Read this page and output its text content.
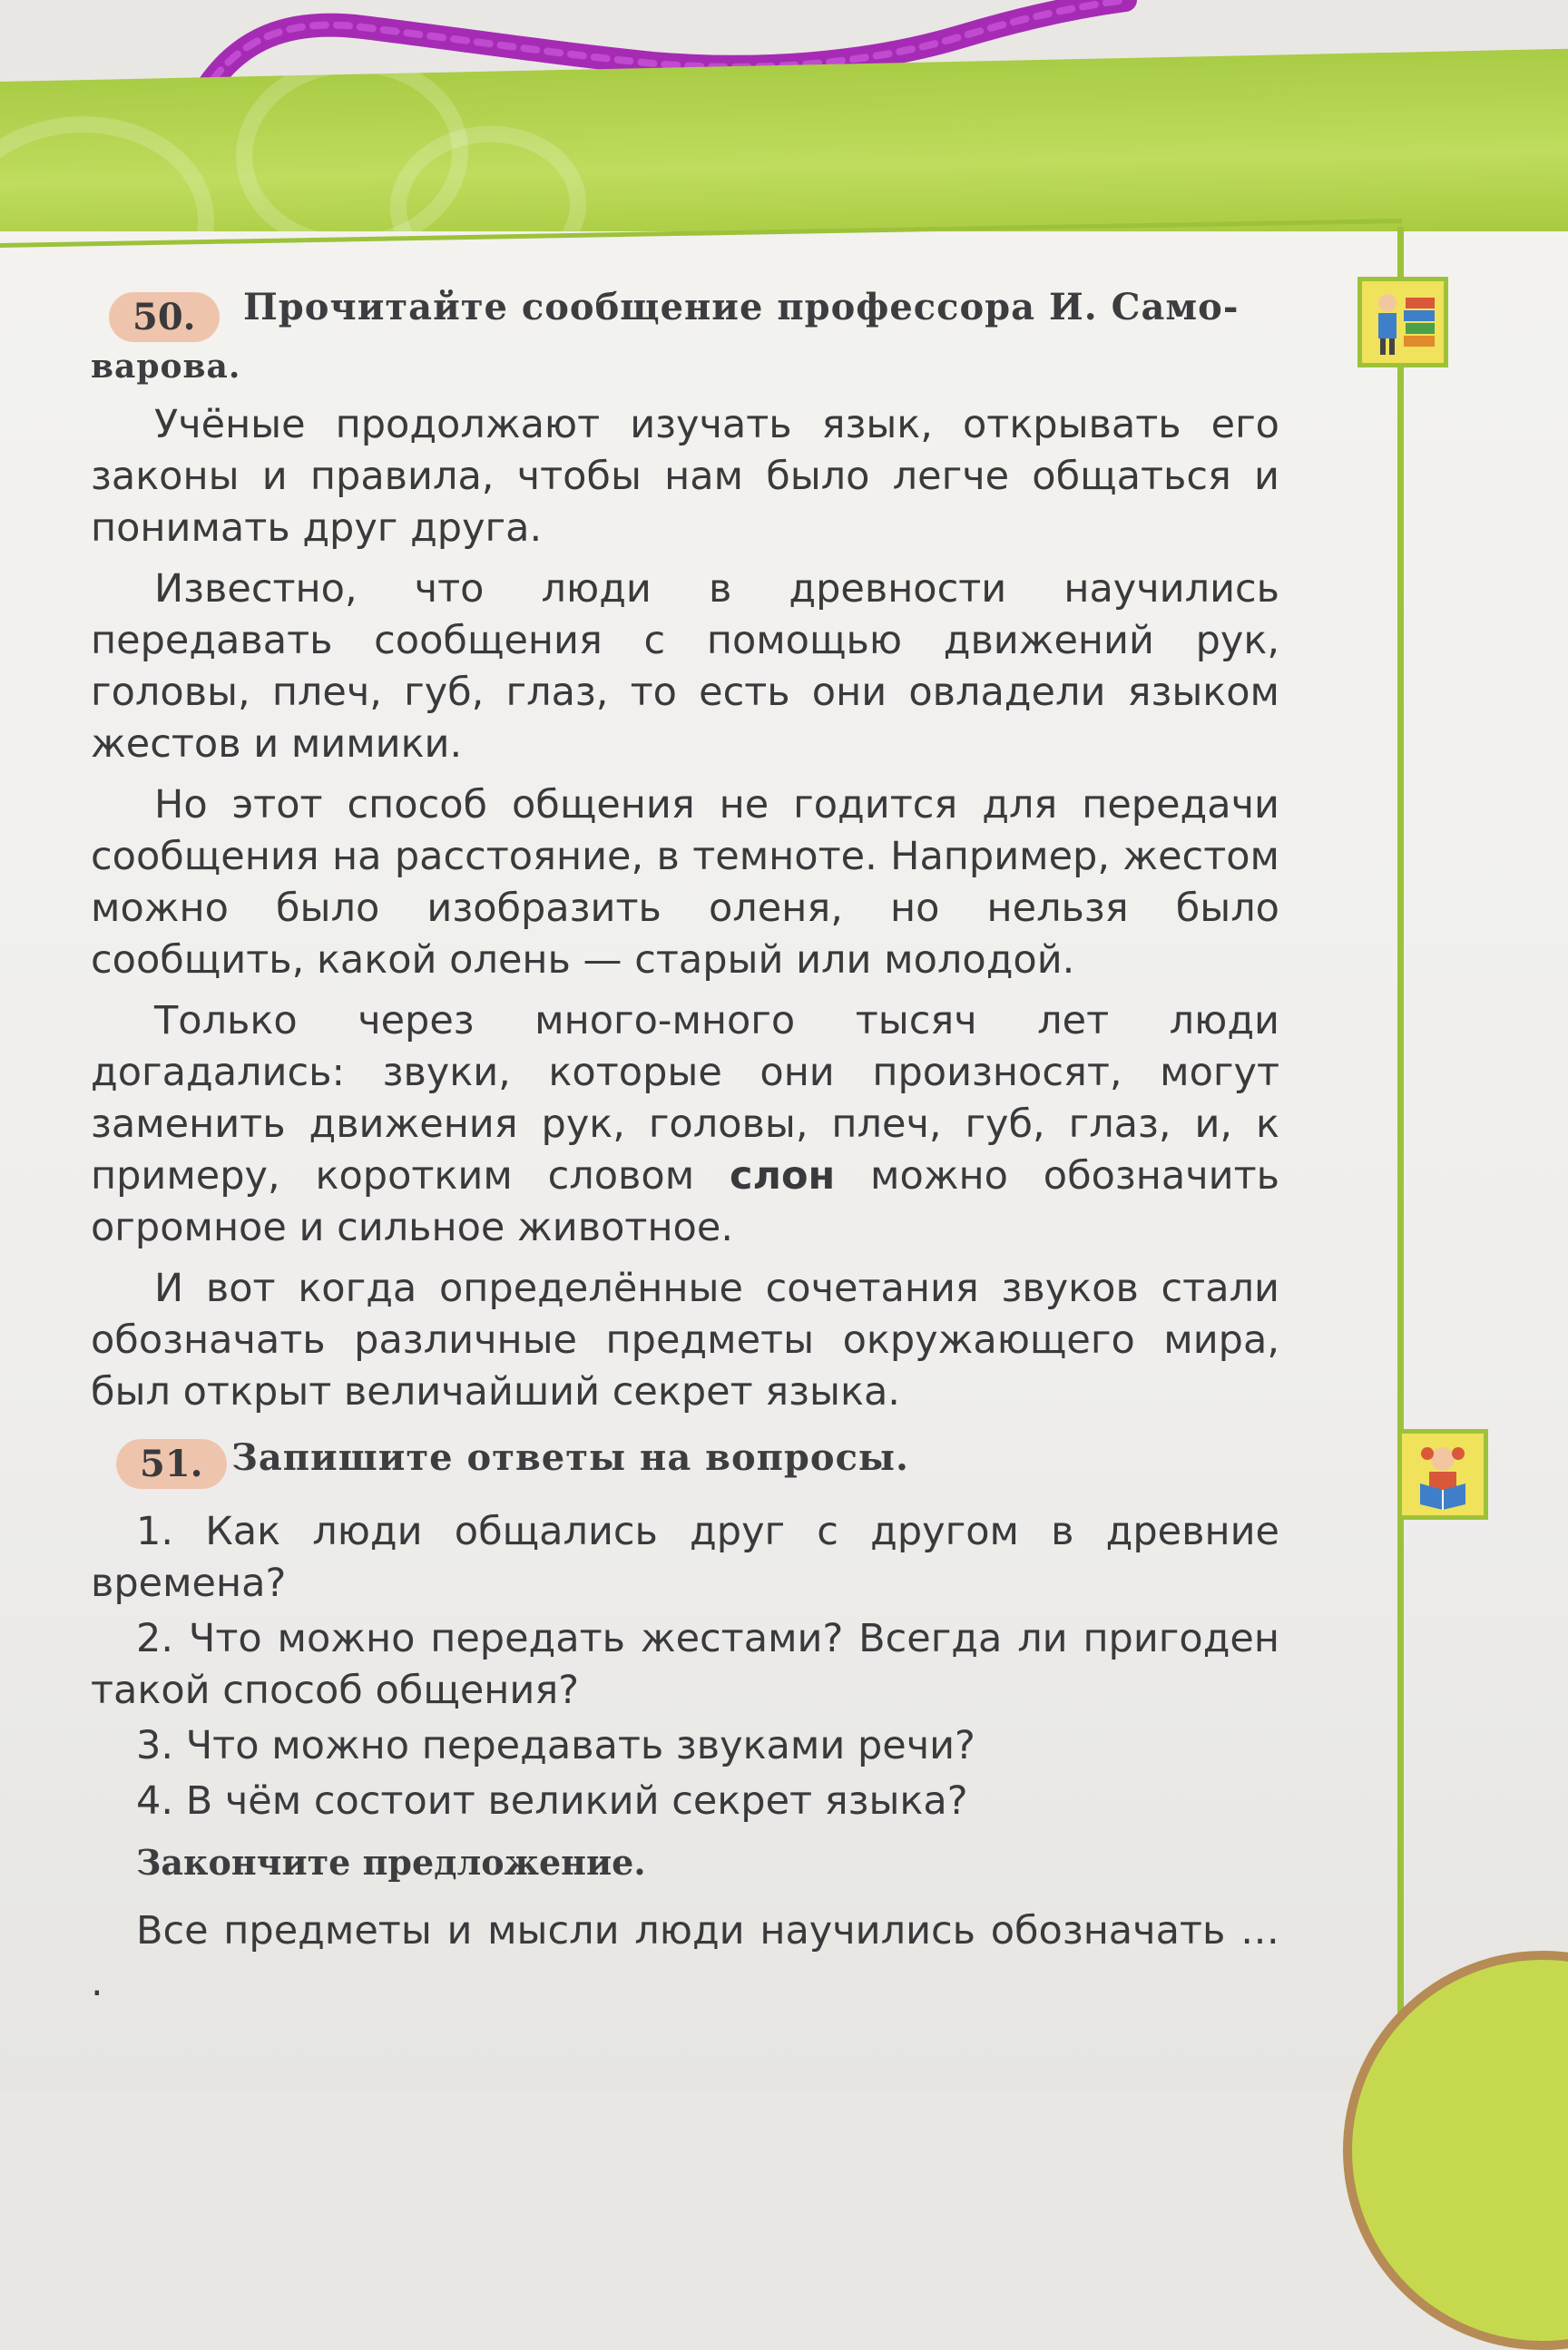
50.	Прочитайте сообщение профессора И. Само-
варова.

Учёные продолжают изучать язык, открывать его законы и правила, чтобы нам было легче общаться и понимать друг друга.

Известно, что люди в древности научились передавать сообщения с помощью движений рук, головы, плеч, губ, глаз, то есть они овладели языком жестов и мимики.

Но этот способ общения не годится для передачи сообщения на расстояние, в темноте. Например, жестом можно было изобразить оленя, но нельзя было сообщить, какой олень — старый или молодой.

Только через много-много тысяч лет люди догадались: звуки, которые они произносят, могут заменить движения рук, головы, плеч, губ, глаз, и, к примеру, коротким словом слон можно обозначить огромное и сильное животное.

И вот когда определённые сочетания звуков стали обозначать различные предметы окружающего мира, был открыт величайший секрет языка.

51. Запишите ответы на вопросы.

1. Как люди общались друг с другом в древние времена?

2. Что можно передать жестами? Всегда ли пригоден такой способ общения?

3. Что можно передавать звуками речи?

4. В чём состоит великий секрет языка?

Закончите предложение.

Все предметы и мысли люди научились обозначать … .
